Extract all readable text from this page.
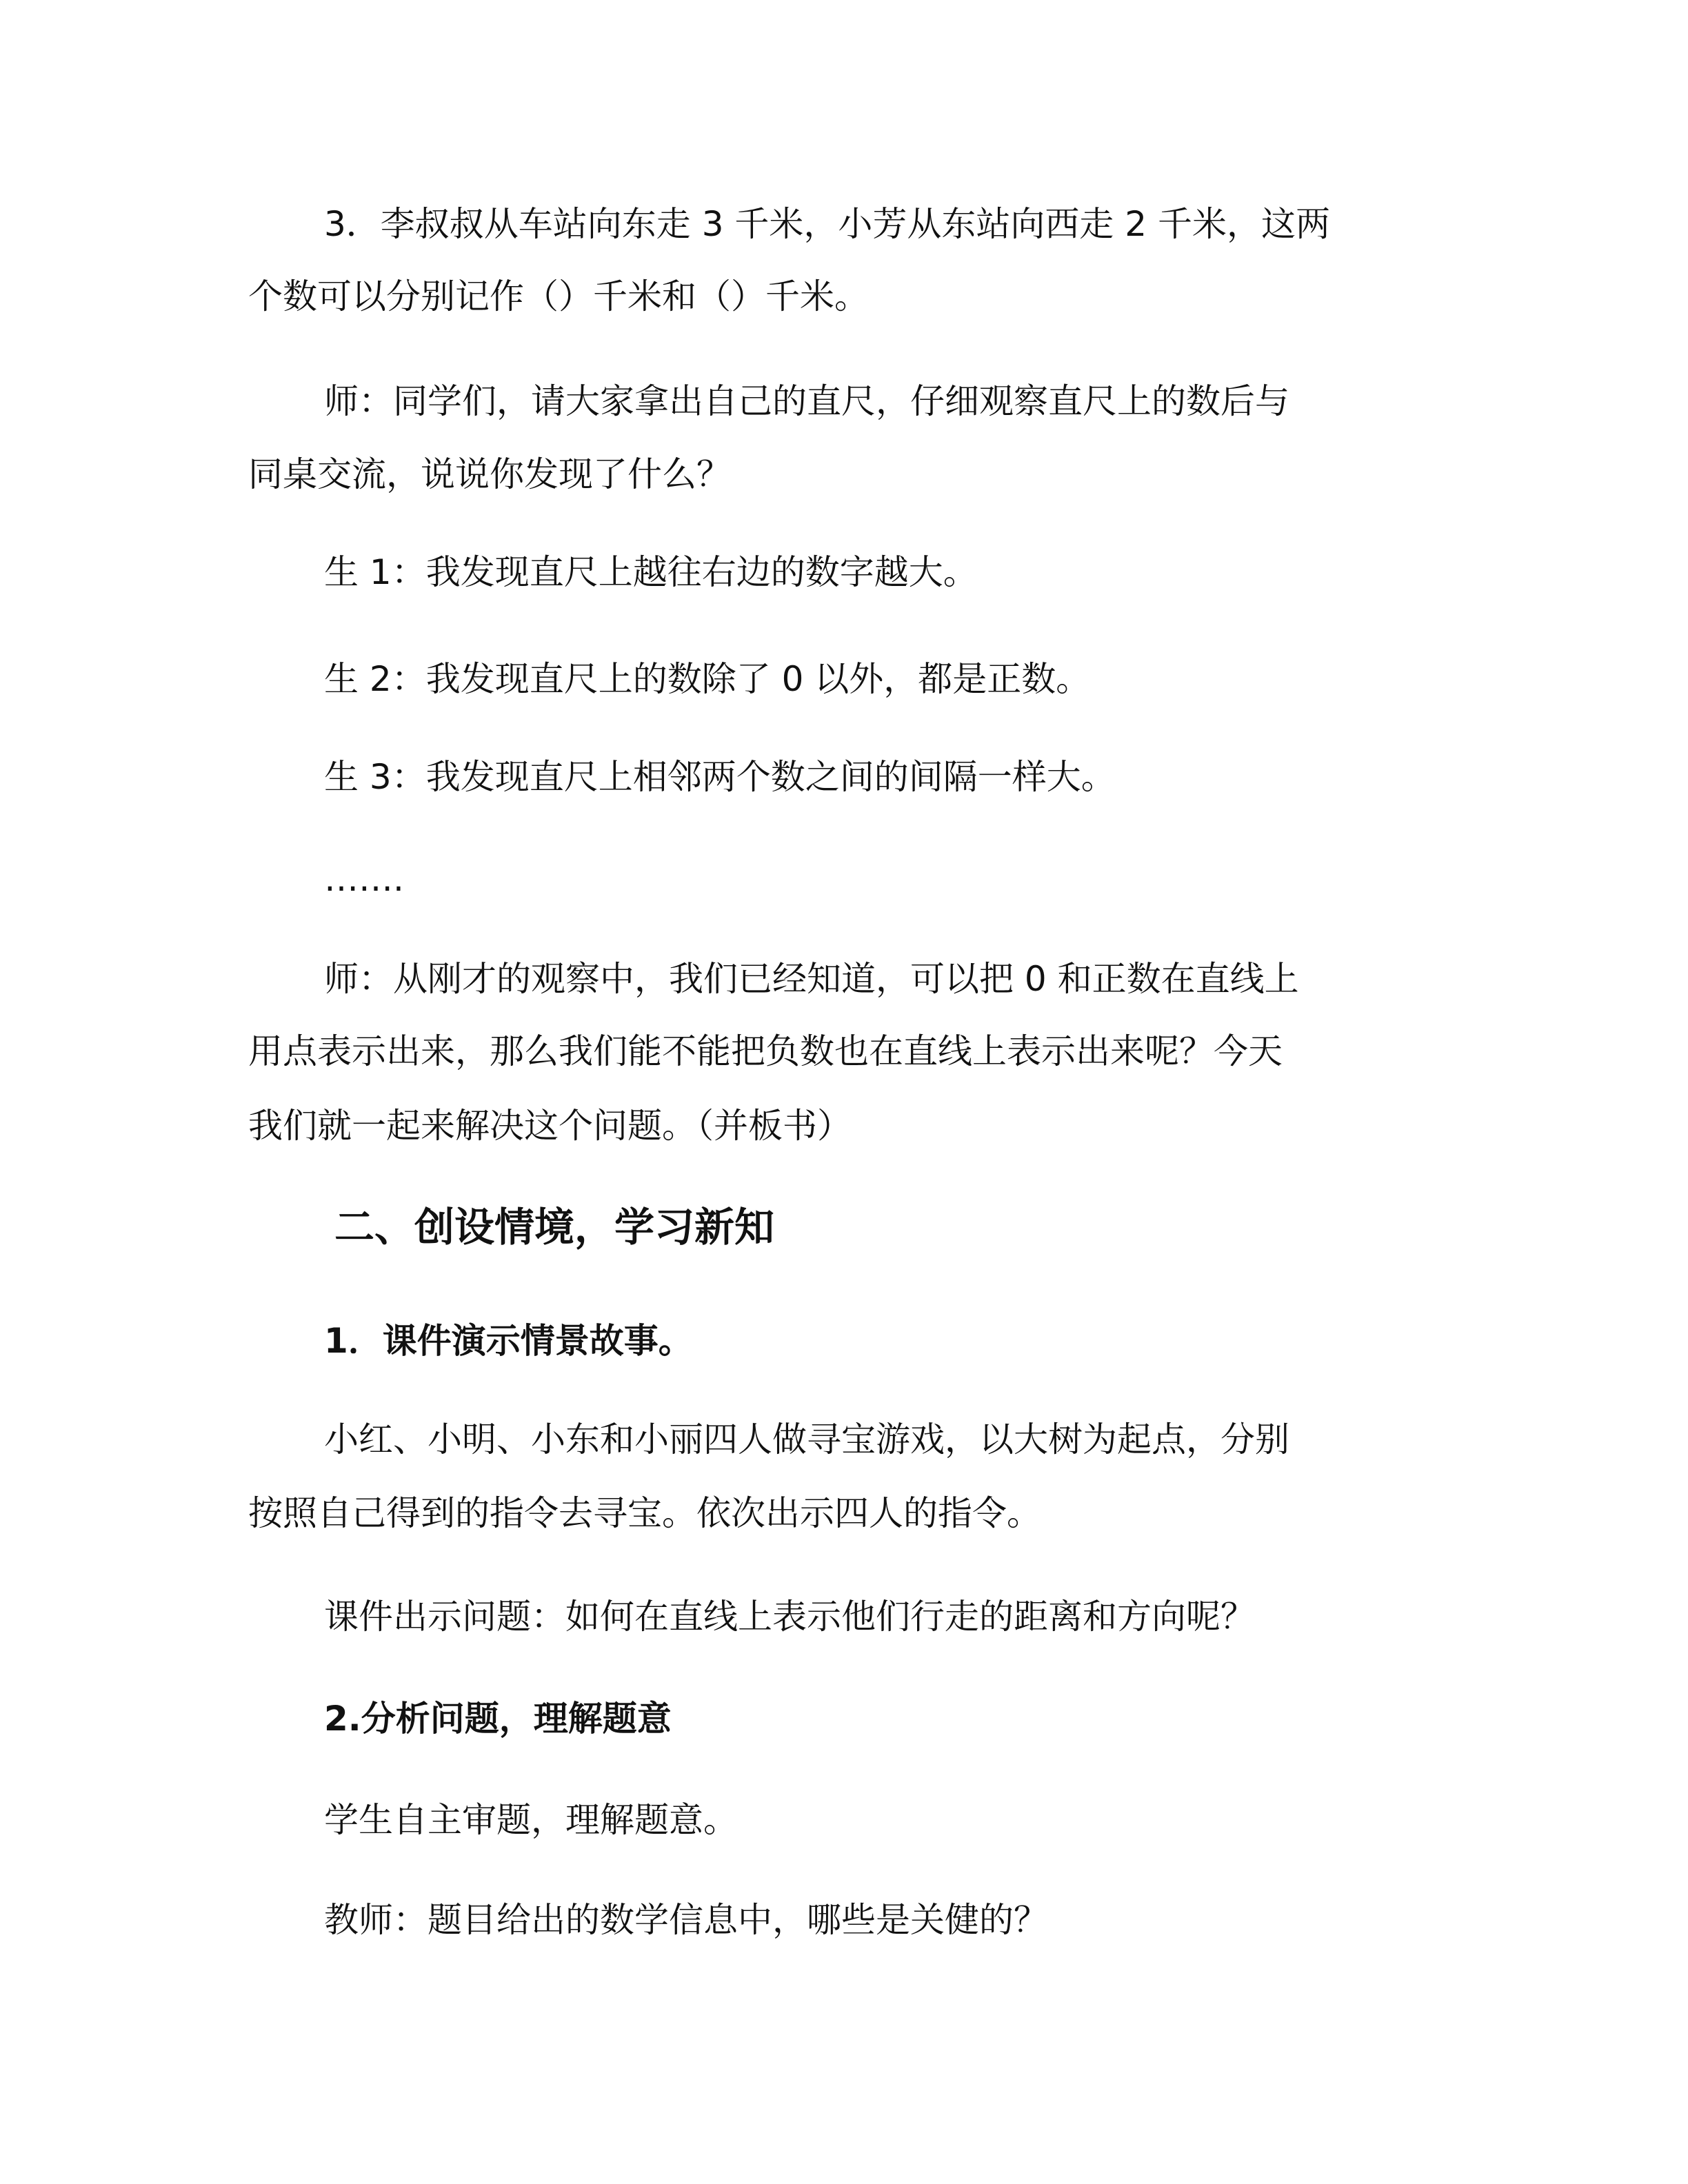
3．李叔叔从车站向东走 3 千米，小芳从东站向西走 2 千米，这两
个数可以分别记作（）千米和（）千米。
师：同学们，请大家拿出自己的直尺，仔细观察直尺上的数后与
同桌交流，说说你发现了什么？
生 1：我发现直尺上越往右边的数字越大。
生 2：我发现直尺上的数除了 0 以外，都是正数。
生 3：我发现直尺上相邻两个数之间的间隔一样大。
…….
师：从刚才的观察中，我们已经知道，可以把 0 和正数在直线上
用点表示出来，那么我们能不能把负数也在直线上表示出来呢？今天
我们就一起来解决这个问题。（并板书）
二、创设情境，学习新知
1．课件演示情景故事。
小红、小明、小东和小丽四人做寻宝游戏，以大树为起点，分别
按照自己得到的指令去寻宝。依次出示四人的指令。
课件出示问题：如何在直线上表示他们行走的距离和方向呢？
2.分析问题，理解题意
学生自主审题，理解题意。
教师：题目给出的数学信息中，哪些是关健的？
